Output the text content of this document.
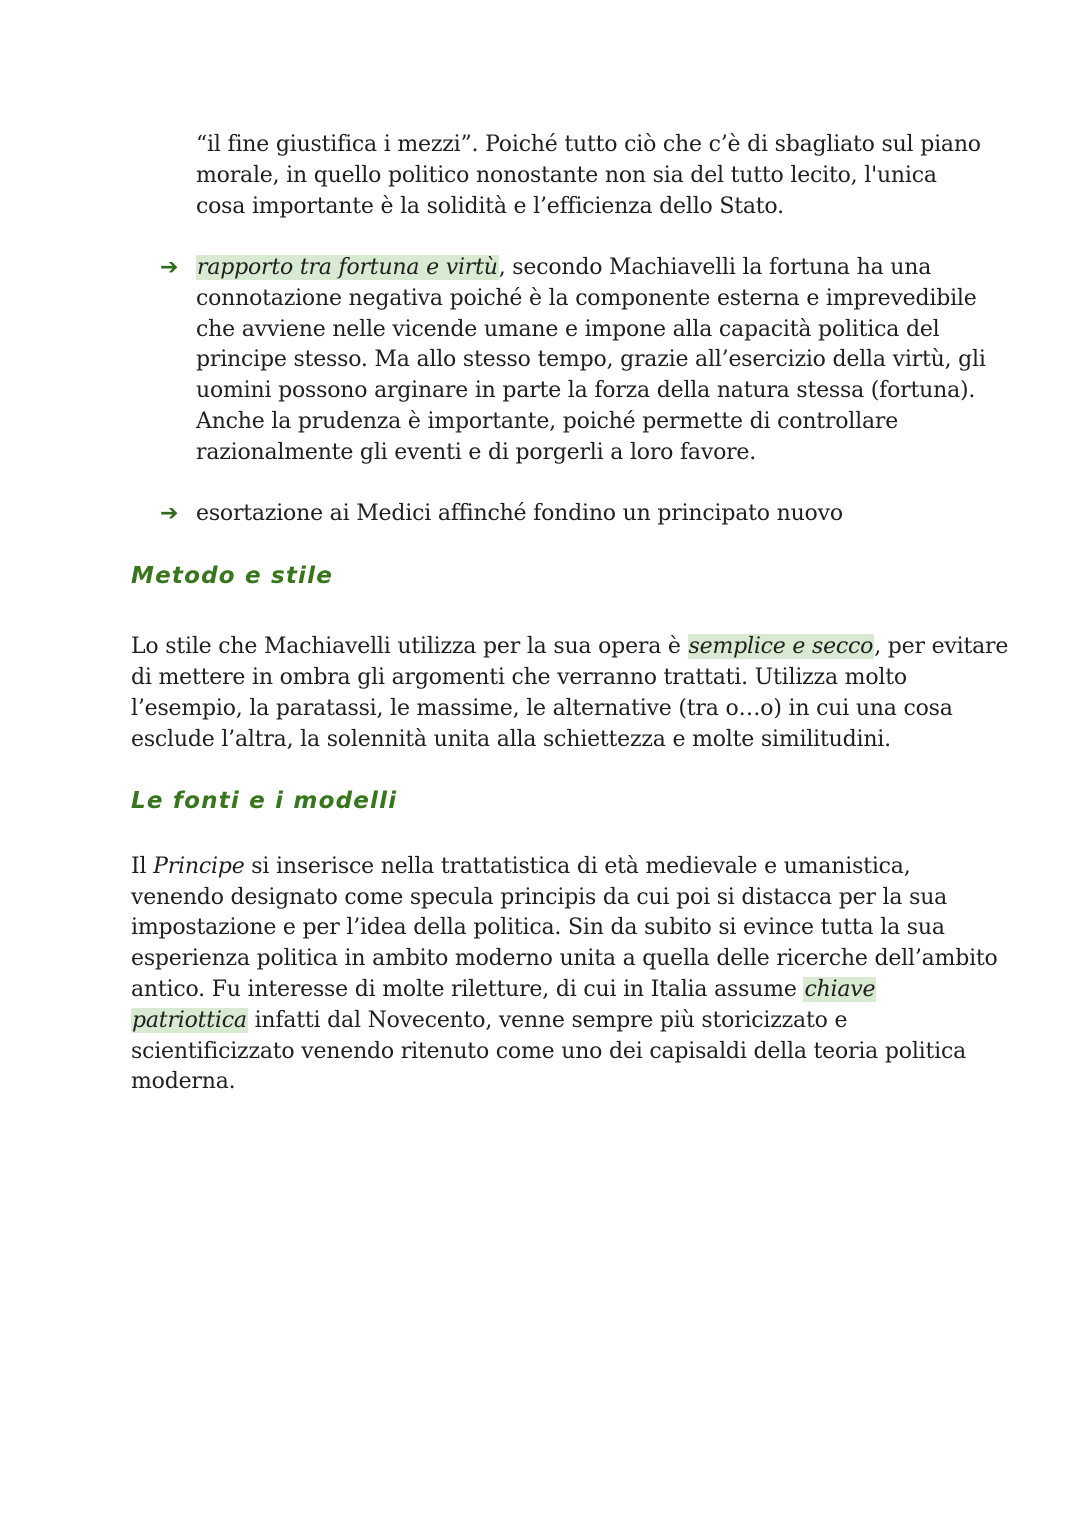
“il fine giustifica i mezzi”. Poiché tutto ciò che c’è di sbagliato sul piano
morale, in quello politico nonostante non sia del tutto lecito, l'unica
cosa importante è la solidità e l’efficienza dello Stato.
➔ rapporto tra fortuna e virtù, secondo Machiavelli la fortuna ha una
connotazione negativa poiché è la componente esterna e imprevedibile
che avviene nelle vicende umane e impone alla capacità politica del
principe stesso. Ma allo stesso tempo, grazie all’esercizio della virtù, gli
uomini possono arginare in parte la forza della natura stessa (fortuna).
Anche la prudenza è importante, poiché permette di controllare
razionalmente gli eventi e di porgerli a loro favore.
➔ esortazione ai Medici affinché fondino un principato nuovo
Metodo e stile
Lo stile che Machiavelli utilizza per la sua opera è semplice e secco, per evitare
di mettere in ombra gli argomenti che verranno trattati. Utilizza molto
l’esempio, la paratassi, le massime, le alternative (tra o…o) in cui una cosa
esclude l’altra, la solennità unita alla schiettezza e molte similitudini.
Le fonti e i modelli
Il Principe si inserisce nella trattatistica di età medievale e umanistica,
venendo designato come specula principis da cui poi si distacca per la sua
impostazione e per l’idea della politica. Sin da subito si evince tutta la sua
esperienza politica in ambito moderno unita a quella delle ricerche dell’ambito
antico. Fu interesse di molte riletture, di cui in Italia assume chiave
patriottica infatti dal Novecento, venne sempre più storicizzato e
scientificizzato venendo ritenuto come uno dei capisaldi della teoria politica
moderna.
